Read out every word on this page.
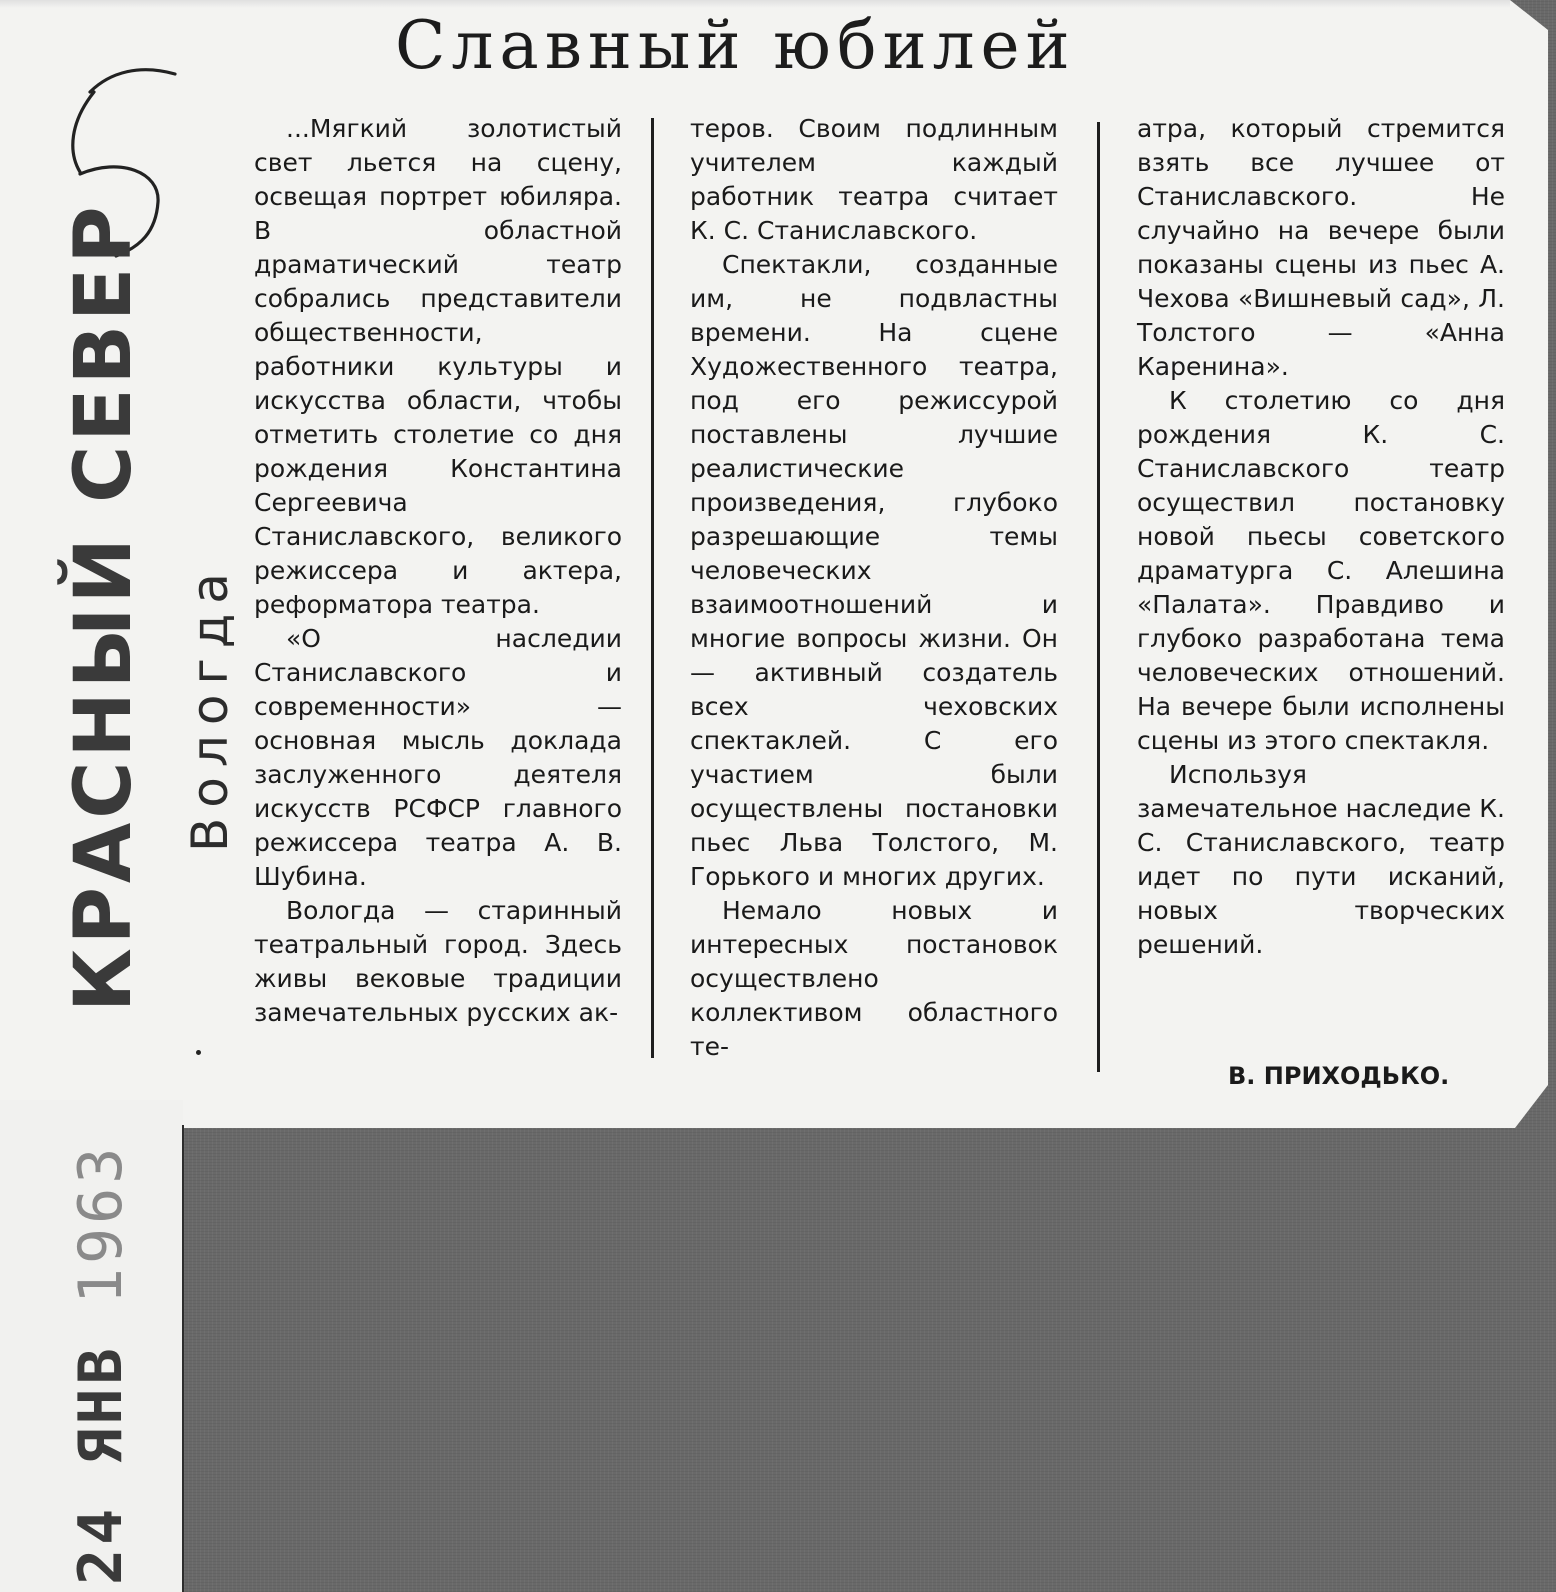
КРАСНЫЙ СЕВЕР Вологда
24 ЯНВ 1963
Славный юбилей

...Мягкий золотистый свет льется на сцену, освещая портрет юбиляра. В областной драматический театр собрались представители общественности, работники культуры и искусства области, чтобы отметить столетие со дня рождения Константина Сергеевича Станиславского, великого режиссера и актера, реформатора театра.

«О наследии Станиславского и современности» — основная мысль доклада заслуженного деятеля искусств РСФСР главного режиссера театра А. В. Шубина.

Вологда — старинный театральный город. Здесь живы вековые традиции замечательных русских ак-

теров. Своим подлинным учителем каждый работник театра считает К. С. Станиславского.

Спектакли, созданные им, не подвластны времени. На сцене Художественного театра, под его режиссурой поставлены лучшие реалистические произведения, глубоко разрешающие темы человеческих взаимоотношений и многие вопросы жизни. Он — активный создатель всех чеховских спектаклей. С его участием были осуществлены постановки пьес Льва Толстого, М. Горького и многих других.

Немало новых и интересных постановок осуществлено коллективом областного те-

атра, который стремится взять все лучшее от Станиславского. Не случайно на вечере были показаны сцены из пьес А. Чехова «Вишневый сад», Л. Толстого — «Анна Каренина».

К столетию со дня рождения К. С. Станиславского театр осуществил постановку новой пьесы советского драматурга С. Алешина «Палата». Правдиво и глубоко разработана тема человеческих отношений. На вечере были исполнены сцены из этого спектакля.

Используя замечательное наследие К. С. Станиславского, театр идет по пути исканий, новых творческих решений.

В. ПРИХОДЬКО.
